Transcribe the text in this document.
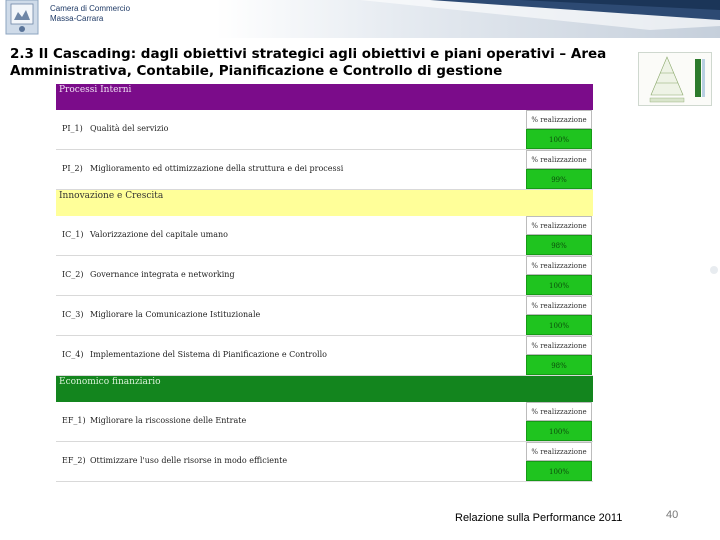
Camera di Commercio
Massa-Carrara
2.3 Il Cascading: dagli obiettivi strategici agli obiettivi e piani operativi – Area Amministrativa, Contabile, Pianificazione e Controllo di gestione
Processi Interni
PI_1) Qualità del servizio
% realizzazione
100%
PI_2) Miglioramento ed ottimizzazione della struttura e dei processi
% realizzazione
99%
Innovazione e Crescita
IC_1) Valorizzazione del capitale umano
% realizzazione
98%
IC_2) Governance integrata e networking
% realizzazione
100%
IC_3) Migliorare la Comunicazione Istituzionale
% realizzazione
100%
IC_4) Implementazione del Sistema di Pianificazione e Controllo
% realizzazione
98%
Economico finanziario
EF_1) Migliorare la riscossione delle Entrate
% realizzazione
100%
EF_2) Ottimizzare l'uso delle risorse in modo efficiente
% realizzazione
100%
Relazione sulla Performance 2011	40
